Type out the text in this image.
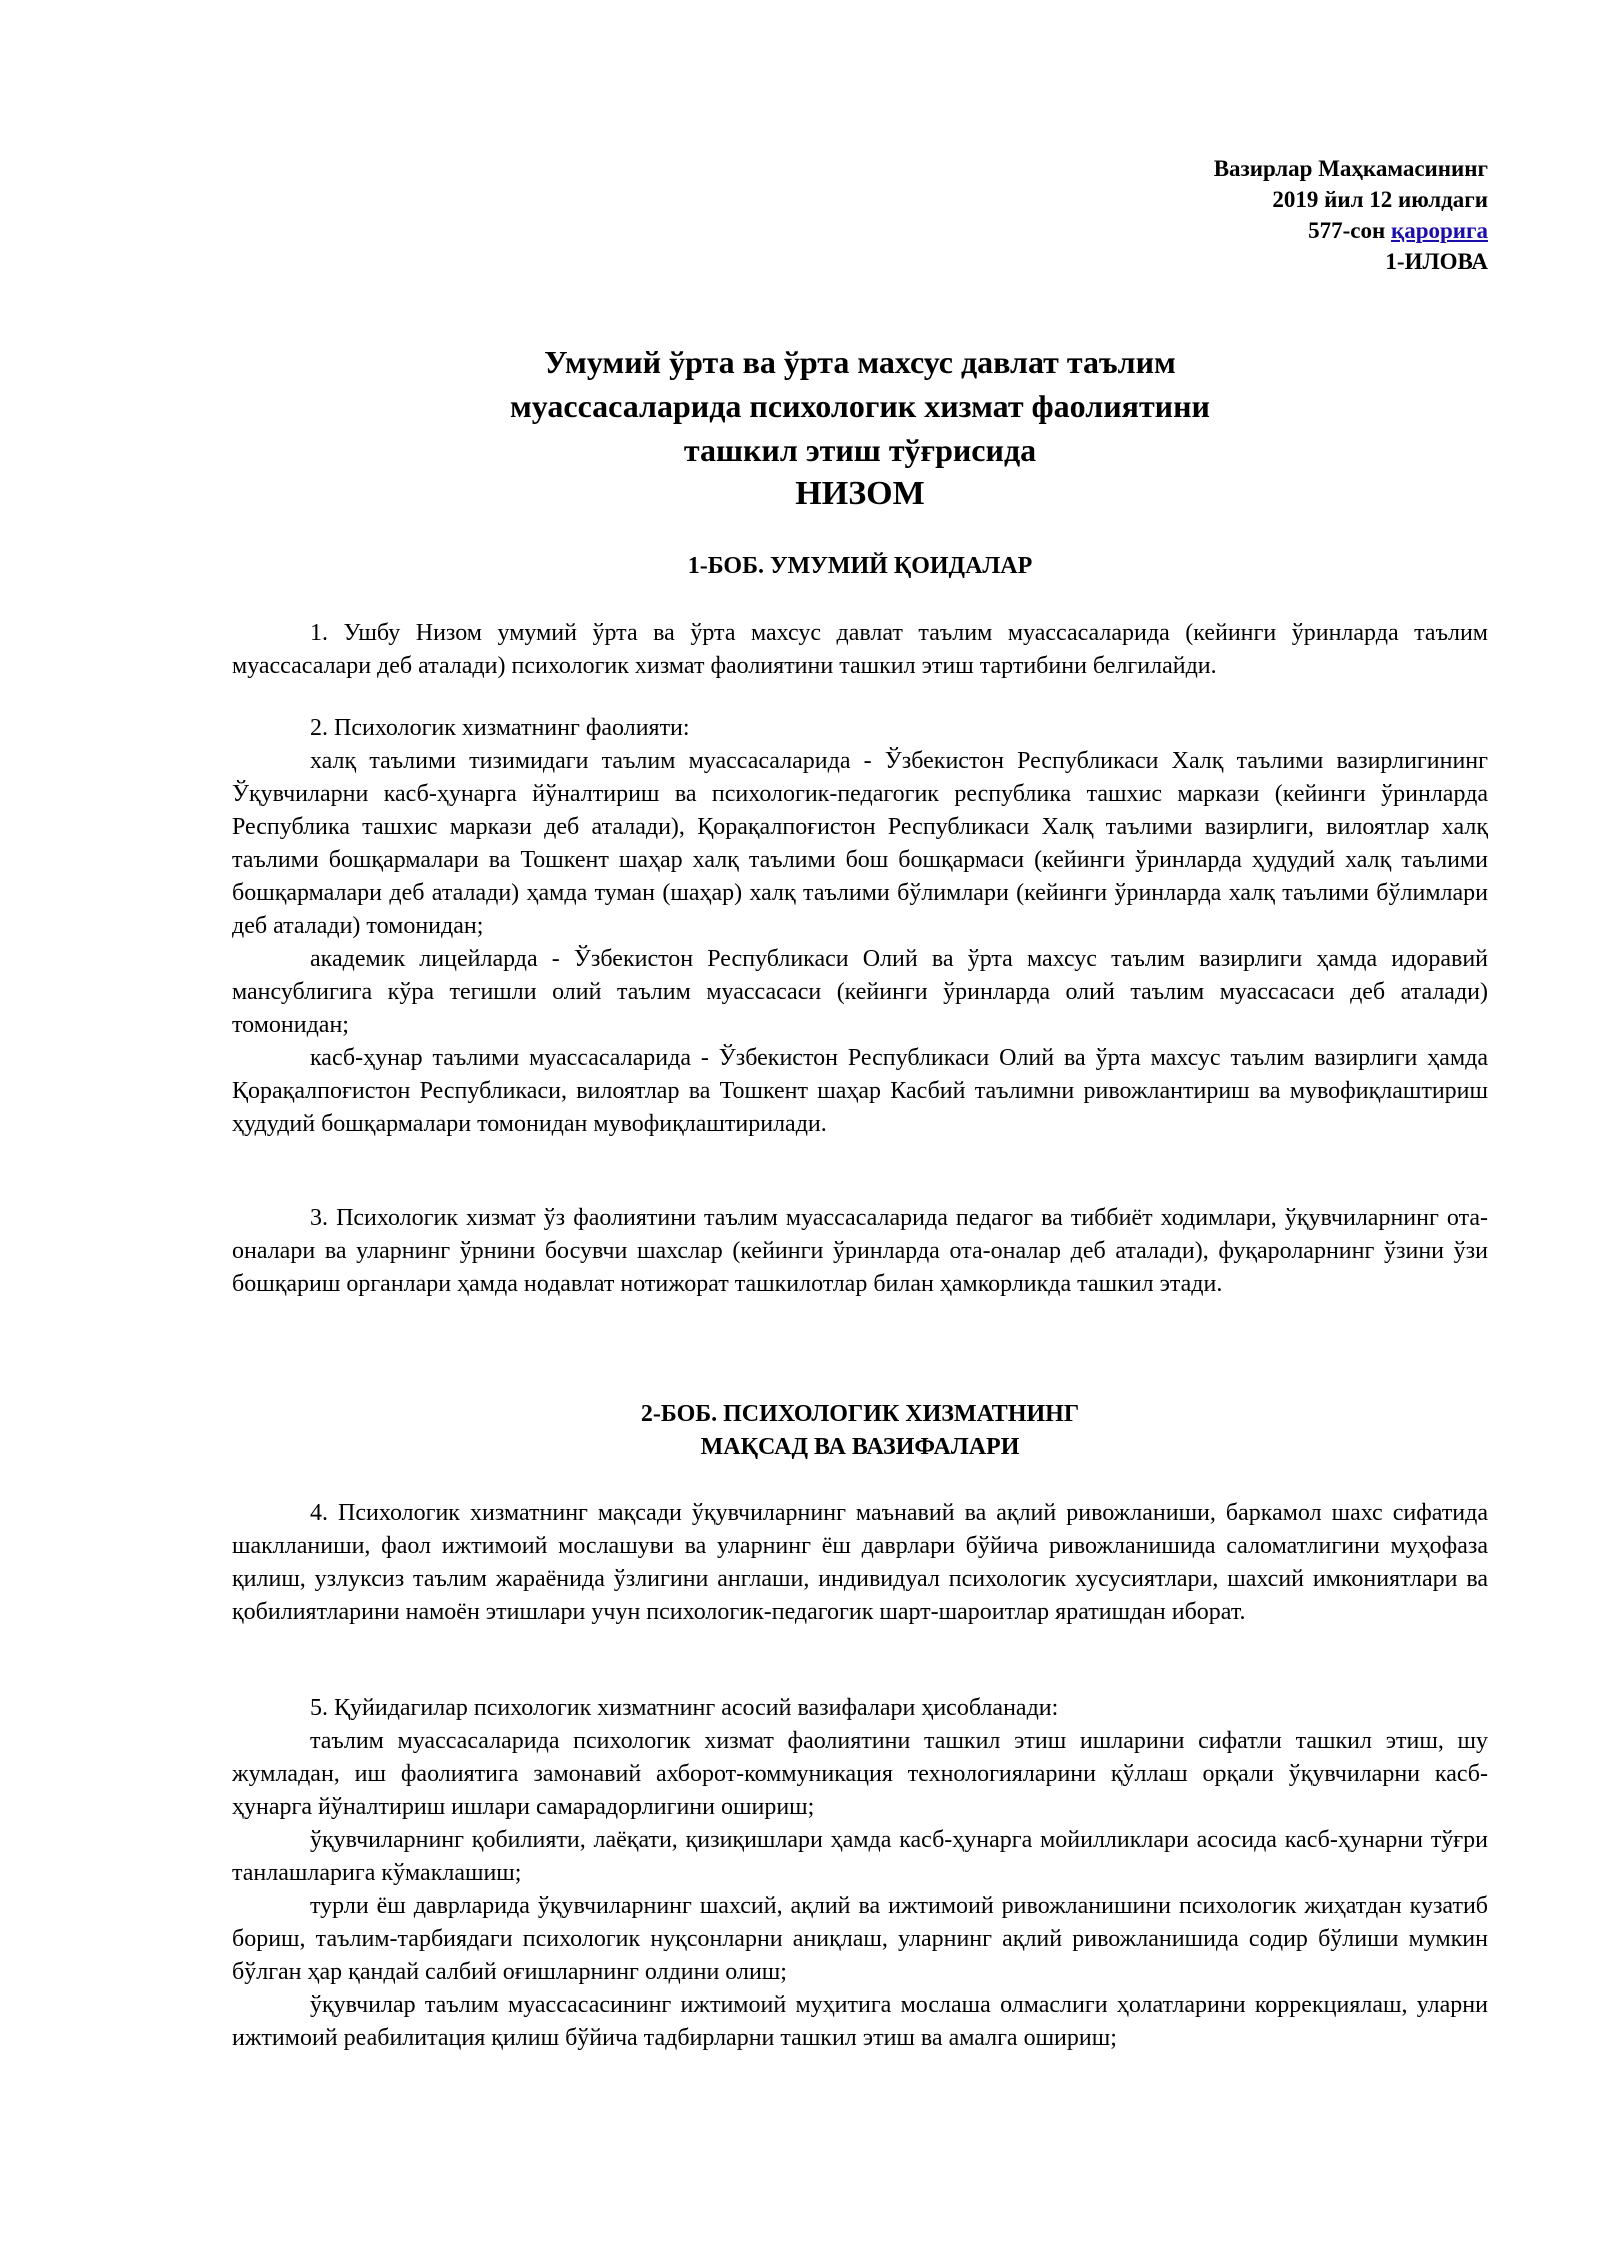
Вазирлар Маҳкамасининг
2019 йил 12 июлдаги
577-сон қарорига
1-ИЛОВА
Умумий ўрта ва ўрта махсус давлат таълим
муассасаларида психологик хизмат фаолиятини
ташкил этиш тўғрисида
НИЗОМ
1-БОБ. УМУМИЙ ҚОИДАЛАР

1. Ушбу Низом умумий ўрта ва ўрта махсус давлат таълим муассасаларида (кейинги ўринларда таълим муассасалари деб аталади) психологик хизмат фаолиятини ташкил этиш тартибини белгилайди.

2. Психологик хизматнинг фаолияти:

халқ таълими тизимидаги таълим муассасаларида - Ўзбекистон Республикаси Халқ таълими вазирлигининг Ўқувчиларни касб-ҳунарга йўналтириш ва психологик-педагогик республика ташхис маркази (кейинги ўринларда Республика ташхис маркази деб аталади), Қорақалпоғистон Республикаси Халқ таълими вазирлиги, вилоятлар халқ таълими бошқармалари ва Тошкент шаҳар халқ таълими бош бошқармаси (кейинги ўринларда ҳудудий халқ таълими бошқармалари деб аталади) ҳамда туман (шаҳар) халқ таълими бўлимлари (кейинги ўринларда халқ таълими бўлимлари деб аталади) томонидан;

академик лицейларда - Ўзбекистон Республикаси Олий ва ўрта махсус таълим вазирлиги ҳамда идоравий мансублигига кўра тегишли олий таълим муассасаси (кейинги ўринларда олий таълим муассасаси деб аталади) томонидан;

касб-ҳунар таълими муассасаларида - Ўзбекистон Республикаси Олий ва ўрта махсус таълим вазирлиги ҳамда Қорақалпоғистон Республикаси, вилоятлар ва Тошкент шаҳар Касбий таълимни ривожлантириш ва мувофиқлаштириш ҳудудий бошқармалари томонидан мувофиқлаштирилади.

3. Психологик хизмат ўз фаолиятини таълим муассасаларида педагог ва тиббиёт ходимлари, ўқувчиларнинг ота-оналари ва уларнинг ўрнини босувчи шахслар (кейинги ўринларда ота-оналар деб аталади), фуқароларнинг ўзини ўзи бошқариш органлари ҳамда нодавлат нотижорат ташкилотлар билан ҳамкорликда ташкил этади.

2-БОБ. ПСИХОЛОГИК ХИЗМАТНИНГ
МАҚСАД ВА ВАЗИФАЛАРИ

4. Психологик хизматнинг мақсади ўқувчиларнинг маънавий ва ақлий ривожланиши, баркамол шахс сифатида шаклланиши, фаол ижтимоий мослашуви ва уларнинг ёш даврлари бўйича ривожланишида саломатлигини муҳофаза қилиш, узлуксиз таълим жараёнида ўзлигини англаши, индивидуал психологик хусусиятлари, шахсий имкониятлари ва қобилиятларини намоён этишлари учун психологик-педагогик шарт-шароитлар яратишдан иборат.

5. Қуйидагилар психологик хизматнинг асосий вазифалари ҳисобланади:

таълим муассасаларида психологик хизмат фаолиятини ташкил этиш ишларини сифатли ташкил этиш, шу жумладан, иш фаолиятига замонавий ахборот-коммуникация технологияларини қўллаш орқали ўқувчиларни касб-ҳунарга йўналтириш ишлари самарадорлигини ошириш;

ўқувчиларнинг қобилияти, лаёқати, қизиқишлари ҳамда касб-ҳунарга мойилликлари асосида касб-ҳунарни тўғри танлашларига кўмаклашиш;

турли ёш даврларида ўқувчиларнинг шахсий, ақлий ва ижтимоий ривожланишини психологик жиҳатдан кузатиб бориш, таълим-тарбиядаги психологик нуқсонларни аниқлаш, уларнинг ақлий ривожланишида содир бўлиши мумкин бўлган ҳар қандай салбий оғишларнинг олдини олиш;

ўқувчилар таълим муассасасининг ижтимоий муҳитига мослаша олмаслиги ҳолатларини коррекциялаш, уларни ижтимоий реабилитация қилиш бўйича тадбирларни ташкил этиш ва амалга ошириш;
